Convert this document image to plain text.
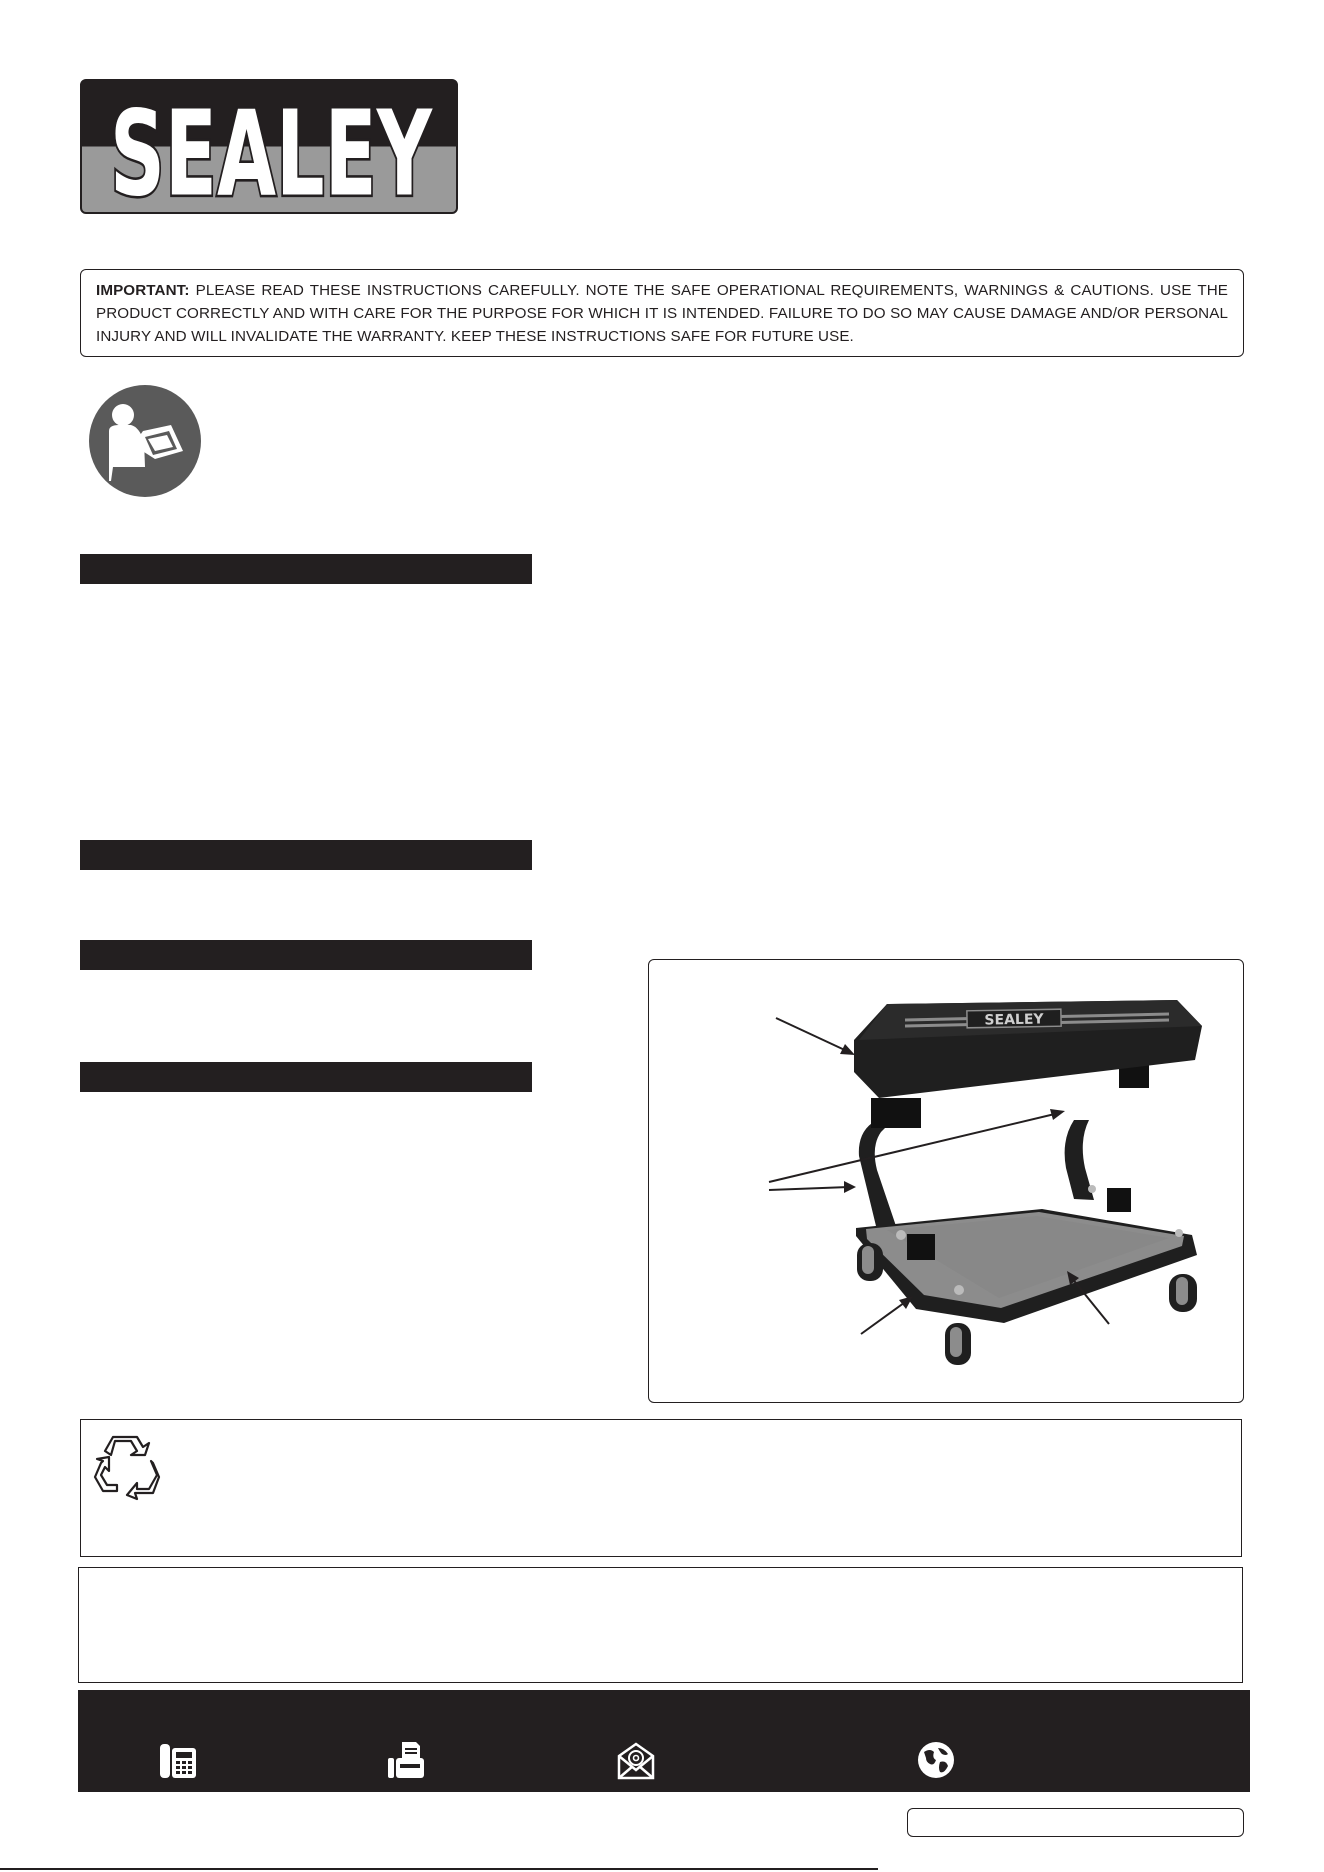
SEALEY
IMPORTANT: PLEASE READ THESE INSTRUCTIONS CAREFULLY. NOTE THE SAFE OPERATIONAL REQUIREMENTS, WARNINGS & CAUTIONS. USE THE PRODUCT CORRECTLY AND WITH CARE FOR THE PURPOSE FOR WHICH IT IS INTENDED. FAILURE TO DO SO MAY CAUSE DAMAGE AND/OR PERSONAL INJURY AND WILL INVALIDATE THE WARRANTY. KEEP THESE INSTRUCTIONS SAFE FOR FUTURE USE.
SEALEY
